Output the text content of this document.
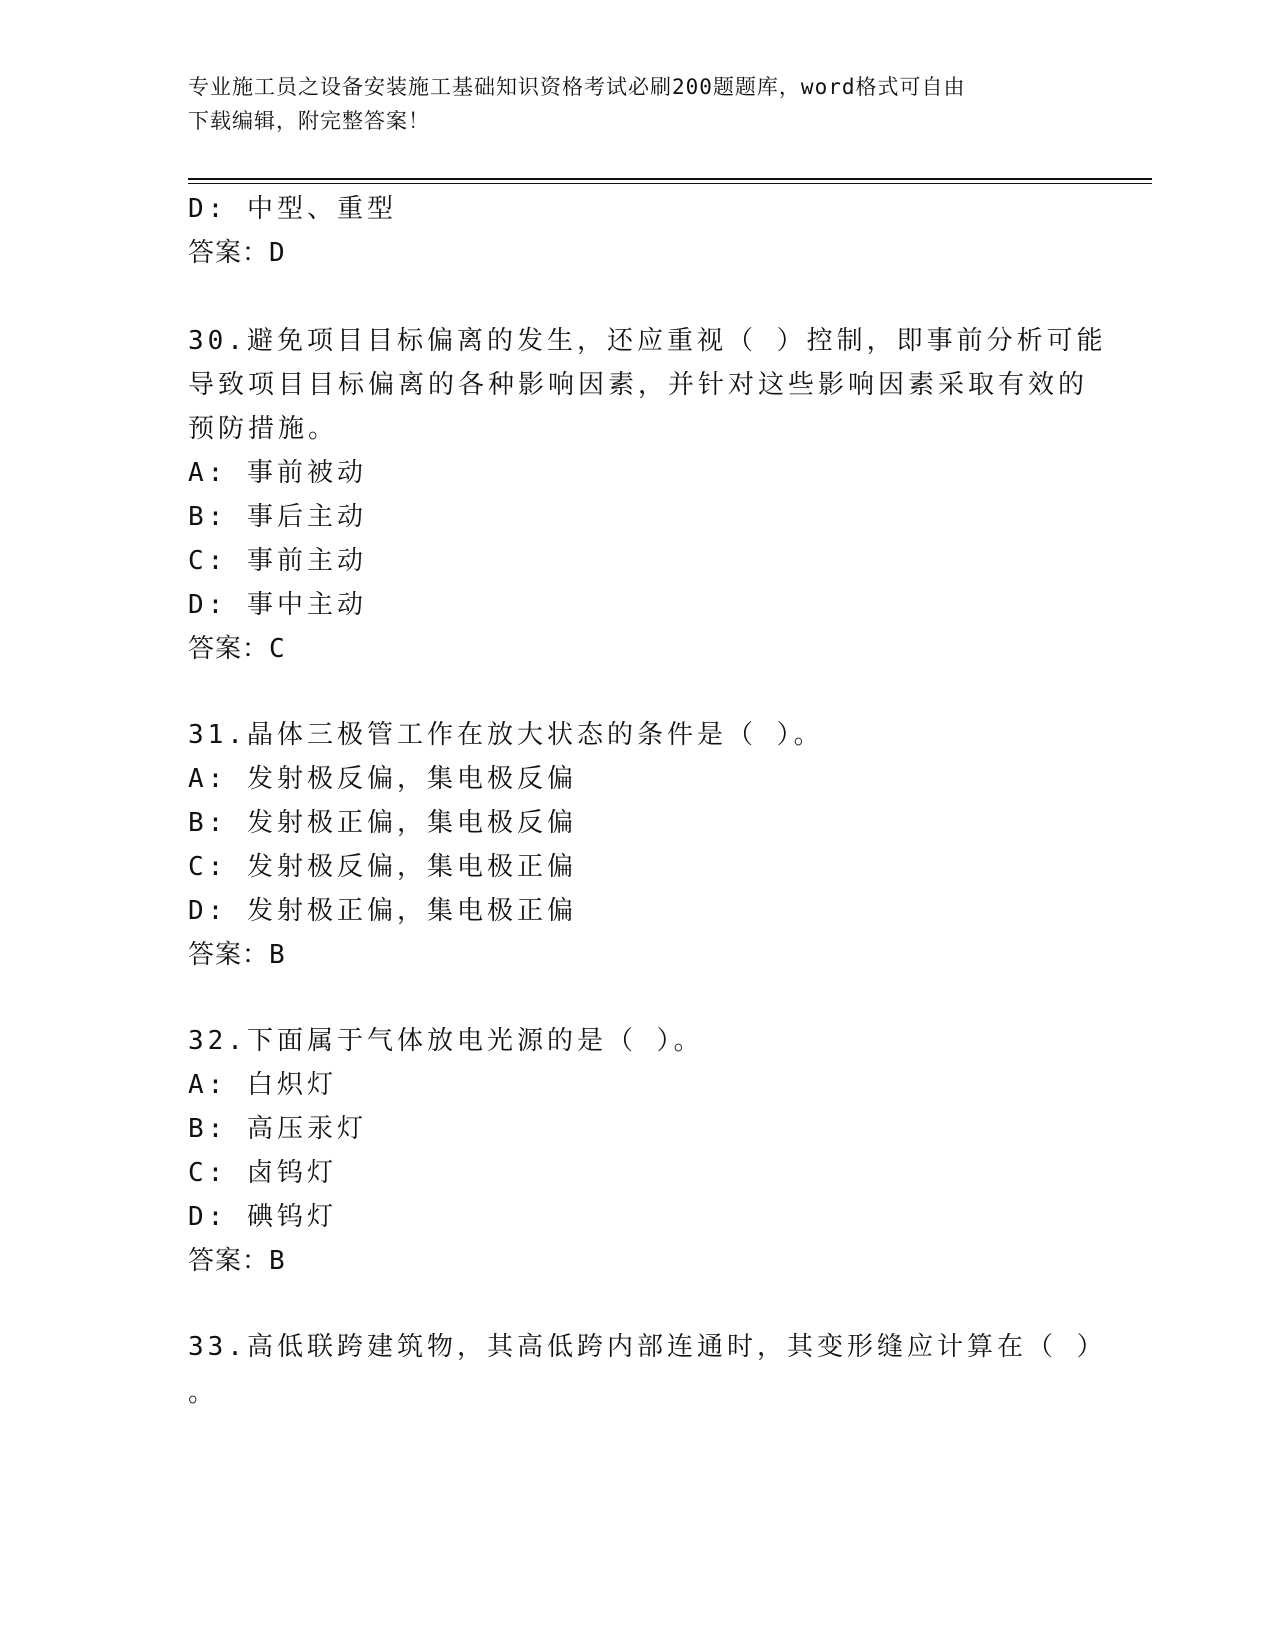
专业施工员之设备安装施工基础知识资格考试必刷200题题库，word格式可自由
下载编辑，附完整答案！
D: 中型、重型
答案：D
30.避免项目目标偏离的发生，还应重视（ ）控制，即事前分析可能
导致项目目标偏离的各种影响因素，并针对这些影响因素采取有效的
预防措施。
A: 事前被动
B: 事后主动
C: 事前主动
D: 事中主动
答案：C
31.晶体三极管工作在放大状态的条件是（ ）。
A: 发射极反偏，集电极反偏
B: 发射极正偏，集电极反偏
C: 发射极反偏，集电极正偏
D: 发射极正偏，集电极正偏
答案：B
32.下面属于气体放电光源的是（ ）。
A: 白炽灯
B: 高压汞灯
C: 卤钨灯
D: 碘钨灯
答案：B
33.高低联跨建筑物，其高低跨内部连通时，其变形缝应计算在（ ）
。
